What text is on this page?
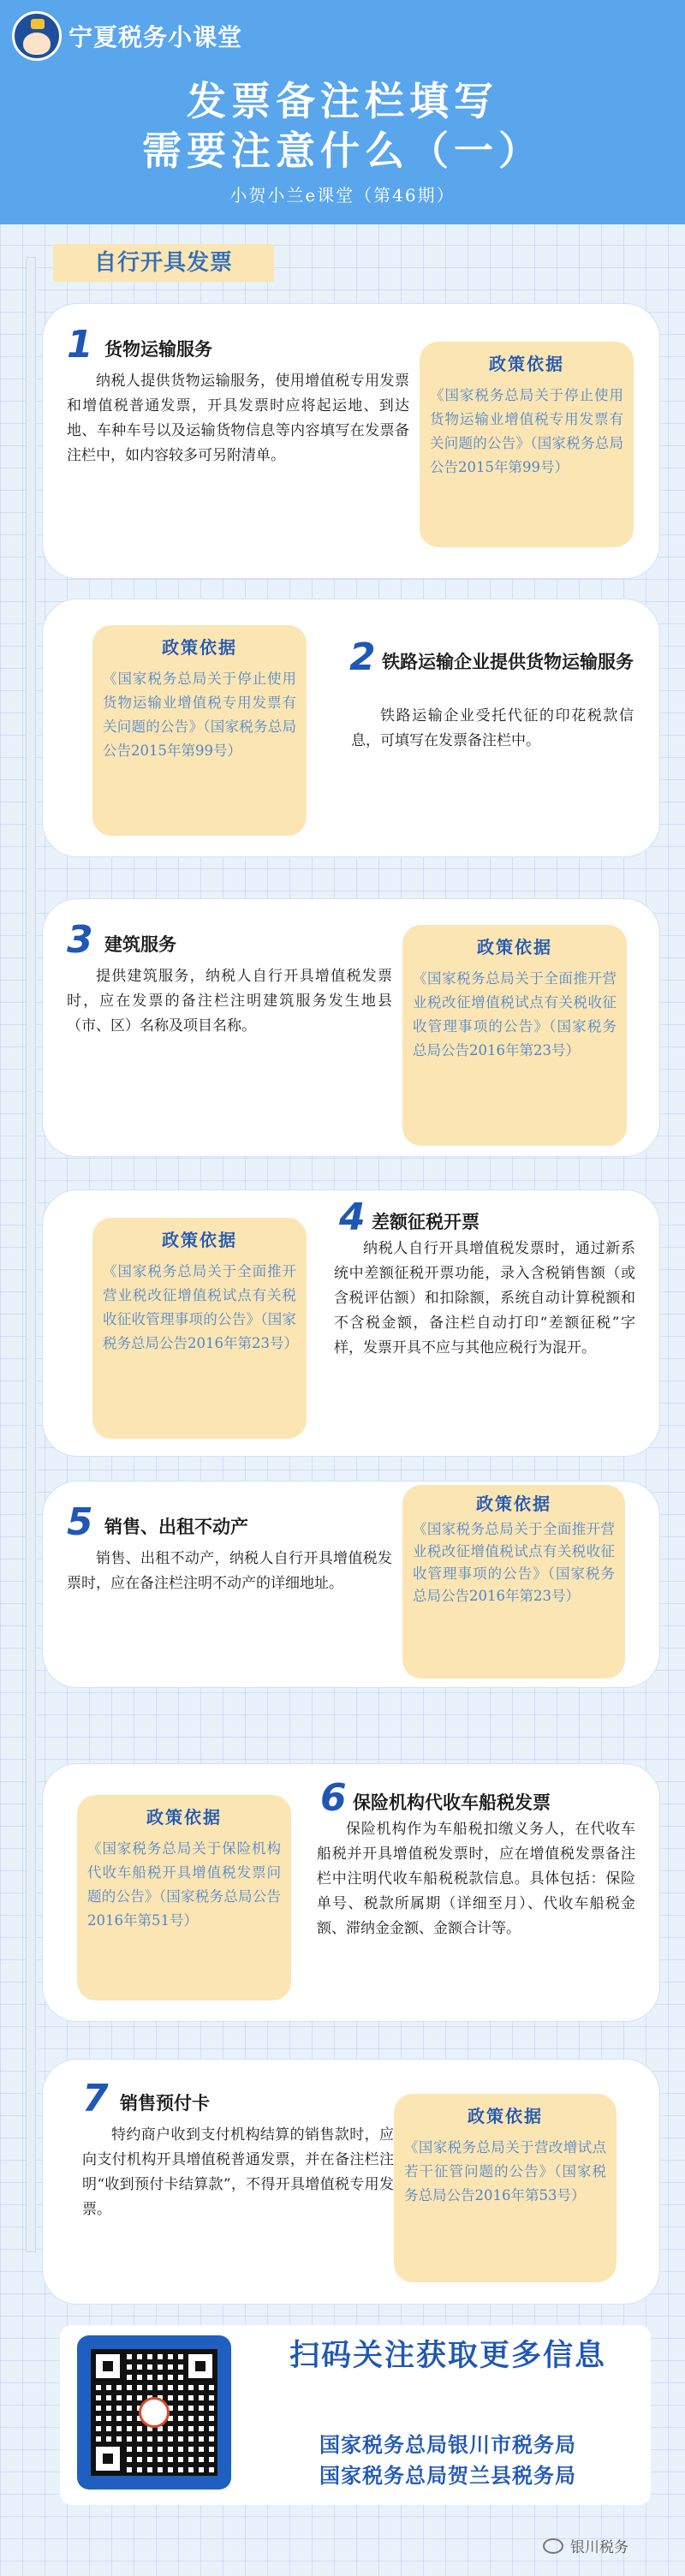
宁夏税务小课堂
发票备注栏填写
需要注意什么（一）
小贺小兰e课堂（第46期）
自行开具发票
1 货物运输服务
纳税人提供货物运输服务，使用增值税专用发票和增值税普通发票，开具发票时应将起运地、到达地、车种车号以及运输货物信息等内容填写在发票备注栏中，如内容较多可另附清单。
政策依据
《国家税务总局关于停止使用货物运输业增值税专用发票有关问题的公告》（国家税务总局公告2015年第99号）
政策依据
《国家税务总局关于停止使用货物运输业增值税专用发票有关问题的公告》（国家税务总局公告2015年第99号）
2 铁路运输企业提供货物运输服务
铁路运输企业受托代征的印花税款信息，可填写在发票备注栏中。
3 建筑服务
提供建筑服务，纳税人自行开具增值税发票时，应在发票的备注栏注明建筑服务发生地县（市、区）名称及项目名称。
政策依据
《国家税务总局关于全面推开营业税改征增值税试点有关税收征收管理事项的公告》（国家税务总局公告2016年第23号）
政策依据
《国家税务总局关于全面推开营业税改征增值税试点有关税收征收管理事项的公告》（国家税务总局公告2016年第23号）
4 差额征税开票
纳税人自行开具增值税发票时，通过新系统中差额征税开票功能，录入含税销售额（或含税评估额）和扣除额，系统自动计算税额和不含税金额，备注栏自动打印“差额征税”字样，发票开具不应与其他应税行为混开。
5 销售、出租不动产
销售、出租不动产，纳税人自行开具增值税发票时，应在备注栏注明不动产的详细地址。
政策依据
《国家税务总局关于全面推开营业税改征增值税试点有关税收征收管理事项的公告》（国家税务总局公告2016年第23号）
政策依据
《国家税务总局关于保险机构代收车船税开具增值税发票问题的公告》（国家税务总局公告2016年第51号）
6 保险机构代收车船税发票
保险机构作为车船税扣缴义务人，在代收车船税并开具增值税发票时，应在增值税发票备注栏中注明代收车船税税款信息。具体包括：保险单号、税款所属期（详细至月）、代收车船税金额、滞纳金金额、金额合计等。
7 销售预付卡
特约商户收到支付机构结算的销售款时，应向支付机构开具增值税普通发票，并在备注栏注明“收到预付卡结算款”，不得开具增值税专用发票。
政策依据
《国家税务总局关于营改增试点若干征管问题的公告》（国家税务总局公告2016年第53号）
扫码关注获取更多信息
国家税务总局银川市税务局
国家税务总局贺兰县税务局
银川税务
